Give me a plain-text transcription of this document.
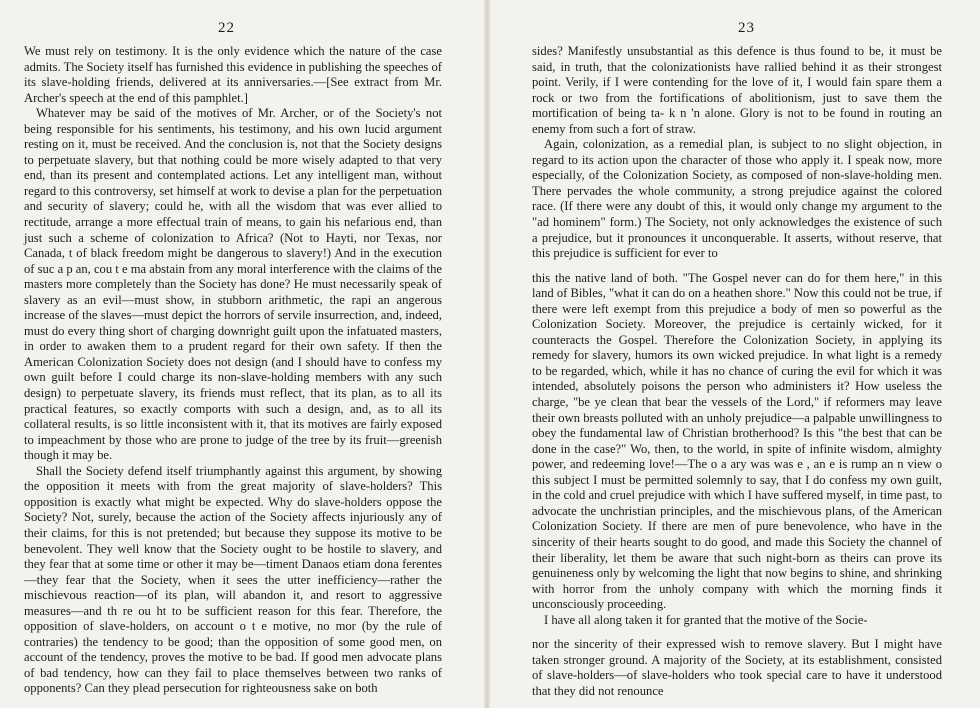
22

We must rely on testimony. It is the only evidence which the nature of the case admits. The Society itself has furnished this evidence in publishing the speeches of its slave-holding friends, delivered at its anniversaries.—[See extract from Mr. Archer's speech at the end of this pamphlet.]

Whatever may be said of the motives of Mr. Archer, or of the Society's not being responsible for his sentiments, his testimony, and his own lucid argument resting on it, must be received. And the conclusion is, not that the Society designs to perpetuate slavery, but that nothing could be more wisely adapted to that very end, than its present and contemplated actions. Let any intelligent man, without regard to this controversy, set himself at work to devise a plan for the perpetuation and security of slavery; could he, with all the wisdom that was ever allied to rectitude, arrange a more effectual train of means, to gain his nefarious end, than just such a scheme of colonization to Africa? (Not to Hayti, nor Texas, nor Canada, t of black freedom might be dangerous to slavery!) And in the execution of suc a p an, cou t e ma abstain from any moral interference with the claims of the masters more completely than the Society has done? He must necessarily speak of slavery as an evil—must show, in stubborn arithmetic, the rapi an angerous increase of the slaves—must depict the horrors of servile insurrection, and, indeed, must do every thing short of charging downright guilt upon the infatuated masters, in order to awaken them to a prudent regard for their own safety. If then the American Colonization Society does not design (and I should have to confess my own guilt before I could charge its non-slave-holding members with any such design) to perpetuate slavery, its friends must reflect, that its plan, as to all its practical features, so exactly comports with such a design, and, as to all its collateral results, is so little inconsistent with it, that its motives are fairly exposed to impeachment by those who are prone to judge of the tree by its fruit—greenish though it may be.

Shall the Society defend itself triumphantly against this argument, by showing the opposition it meets with from the great majority of slave-holders? This opposition is exactly what might be expected. Why do slave-holders oppose the Society? Not, surely, because the action of the Society affects injuriously any of their claims, for this is not pretended; but because they suppose its motive to be benevolent. They well know that the Society ought to be hostile to slavery, and they fear that at some time or other it may be—timent Danaos etiam dona ferentes—they fear that the Society, when it sees the utter inefficiency—rather the mischievous reaction—of its plan, will abandon it, and resort to aggressive measures—and th re ou ht to be sufficient reason for this fear. Therefore, the opposition of slave-holders, on account o t e motive, no mor (by the rule of contraries) the tendency to be good; than the opposition of some good men, on account of the tendency, proves the motive to be bad. If good men advocate plans of bad tendency, how can they fail to place themselves between two ranks of opponents? Can they plead persecution for righteousness sake on both

23

sides? Manifestly unsubstantial as this defence is thus found to be, it must be said, in truth, that the colonizationists have rallied behind it as their strongest point. Verily, if I were contending for the love of it, I would fain spare them a rock or two from the fortifications of abolitionism, just to save them the mortification of being ta- k n 'n alone. Glory is not to be found in routing an enemy from such a fort of straw.

Again, colonization, as a remedial plan, is subject to no slight objection, in regard to its action upon the character of those who apply it. I speak now, more especially, of the Colonization Society, as composed of non-slave-holding men. There pervades the whole community, a strong prejudice against the colored race. (If there were any doubt of this, it would only change my argument to the "ad hominem" form.) The Society, not only acknowledges the existence of such a prejudice, but it pronounces it unconquerable. It asserts, without reserve, that this prejudice is sufficient for ever to

this the native land of both. "The Gospel never can do for them here," in this land of Bibles, "what it can do on a heathen shore." Now this could not be true, if there were left exempt from this prejudice a body of men so powerful as the Colonization Society. Moreover, the prejudice is certainly wicked, for it counteracts the Gospel. Therefore the Colonization Society, in applying its remedy for slavery, humors its own wicked prejudice. In what light is a remedy to be regarded, which, while it has no chance of curing the evil for which it was intended, absolutely poisons the person who administers it? How useless the charge, "be ye clean that bear the vessels of the Lord," if reformers may leave their own breasts polluted with an unholy prejudice—a palpable unwillingness to obey the fundamental law of Christian brotherhood? Is this "the best that can be done in the case?" Wo, then, to the world, in spite of infinite wisdom, almighty power, and redeeming love!—The o a ary was was e , an e is rump an n view o this subject I must be permitted solemnly to say, that I do confess my own guilt, in the cold and cruel prejudice with which I have suffered myself, in time past, to advocate the unchristian principles, and the mischievous plans, of the American Colonization Society. If there are men of pure benevolence, who have in the sincerity of their hearts sought to do good, and made this Society the channel of their liberality, let them be aware that such night-born as theirs can prove its genuineness only by welcoming the light that now begins to shine, and shrinking with horror from the unholy company with which the morning finds it unconsciously proceeding.

I have all along taken it for granted that the motive of the Socie-

nor the sincerity of their expressed wish to remove slavery. But I might have taken stronger ground. A majority of the Society, at its establishment, consisted of slave-holders—of slave-holders who took special care to have it understood that they did not renounce
